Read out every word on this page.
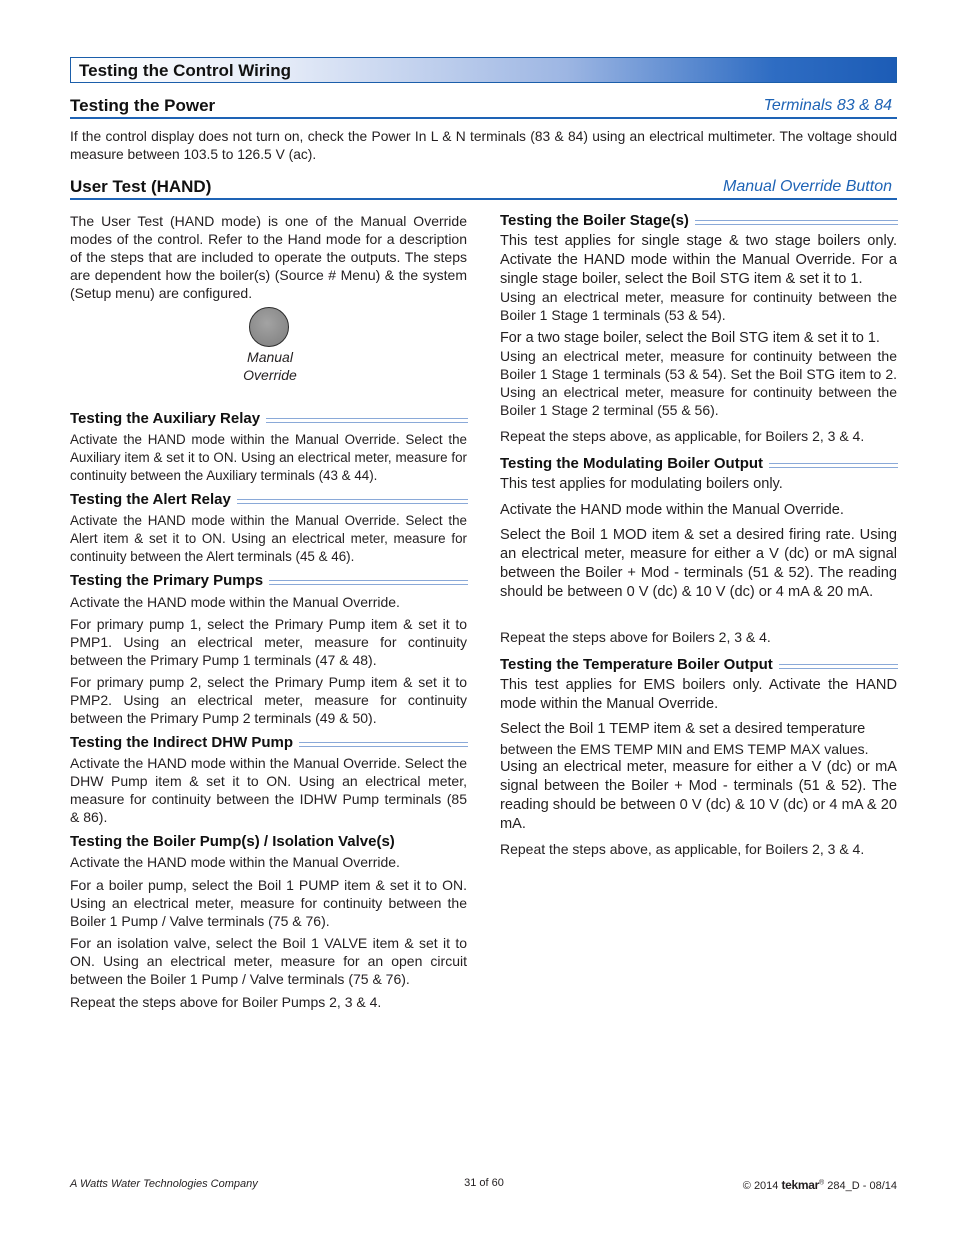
Testing the Control Wiring
Testing the Power	Terminals 83 & 84
If the control display does not turn on, check the Power In L & N terminals (83 & 84) using an electrical multimeter. The voltage should measure between 103.5 to 126.5 V (ac).
User Test (HAND)	Manual Override Button
The User Test (HAND mode) is one of the Manual Override modes of the control. Refer to the Hand mode for a description of the steps that are included to operate the outputs. The steps are dependent how the boiler(s) (Source # Menu) & the system (Setup menu) are configured.
Manual
Override
Testing the Auxiliary Relay
Activate the HAND mode within the Manual Override. Select the Auxiliary item & set it to ON. Using an electrical meter, measure for continuity between the Auxiliary terminals (43 & 44).
Testing the Alert Relay
Activate the HAND mode within the Manual Override. Select the Alert item & set it to ON. Using an electrical meter, measure for continuity between the Alert terminals (45 & 46).
Testing the Primary Pumps
Activate the HAND mode within the Manual Override.
For primary pump 1, select the Primary Pump item & set it to PMP1. Using an electrical meter, measure for continuity between the Primary Pump 1 terminals (47 & 48).
For primary pump 2, select the Primary Pump item & set it to PMP2. Using an electrical meter, measure for continuity between the Primary Pump 2 terminals (49 & 50).
Testing the Indirect DHW Pump
Activate the HAND mode within the Manual Override. Select the DHW Pump item & set it to ON. Using an electrical meter, measure for continuity between the IDHW Pump terminals (85 & 86).
Testing the Boiler Pump(s) / Isolation Valve(s)
Activate the HAND mode within the Manual Override.
For a boiler pump, select the Boil 1 PUMP item & set it to ON. Using an electrical meter, measure for continuity between the Boiler 1 Pump / Valve terminals (75 & 76).
For an isolation valve, select the Boil 1 VALVE item & set it to ON. Using an electrical meter, measure for an open circuit between the Boiler 1 Pump / Valve terminals (75 & 76).
Repeat the steps above for Boiler Pumps 2, 3 & 4.
Testing the Boiler Stage(s)
This test applies for single stage & two stage boilers only. Activate the HAND mode within the Manual Override. For a single stage boiler, select the Boil STG item & set it to 1.
Using an electrical meter, measure for continuity between the Boiler 1 Stage 1 terminals (53 & 54).
For a two stage boiler, select the Boil STG item & set it to 1.
Using an electrical meter, measure for continuity between the Boiler 1 Stage 1 terminals (53 & 54). Set the Boil STG item to 2. Using an electrical meter, measure for continuity between the Boiler 1 Stage 2 terminal (55 & 56).
Repeat the steps above, as applicable, for Boilers 2, 3 & 4.
Testing the Modulating Boiler Output
This test applies for modulating boilers only.
Activate the HAND mode within the Manual Override.
Select the Boil 1 MOD item & set a desired firing rate. Using an electrical meter, measure for either a V (dc) or mA signal between the Boiler + Mod - terminals (51 & 52). The reading should be between 0 V (dc) & 10 V (dc) or 4 mA & 20 mA.
Repeat the steps above for Boilers 2, 3 & 4.
Testing the Temperature Boiler Output
This test applies for EMS boilers only. Activate the HAND mode within the Manual Override.
Select the Boil 1 TEMP item & set a desired temperature
between the EMS TEMP MIN and EMS TEMP MAX values.
Using an electrical meter, measure for either a V (dc) or mA signal between the Boiler + Mod - terminals (51 & 52). The reading should be between 0 V (dc) & 10 V (dc) or 4 mA & 20 mA.
Repeat the steps above, as applicable, for Boilers 2, 3 & 4.
A Watts Water Technologies Company	31 of 60	© 2014 tekmar® 284_D - 08/14
